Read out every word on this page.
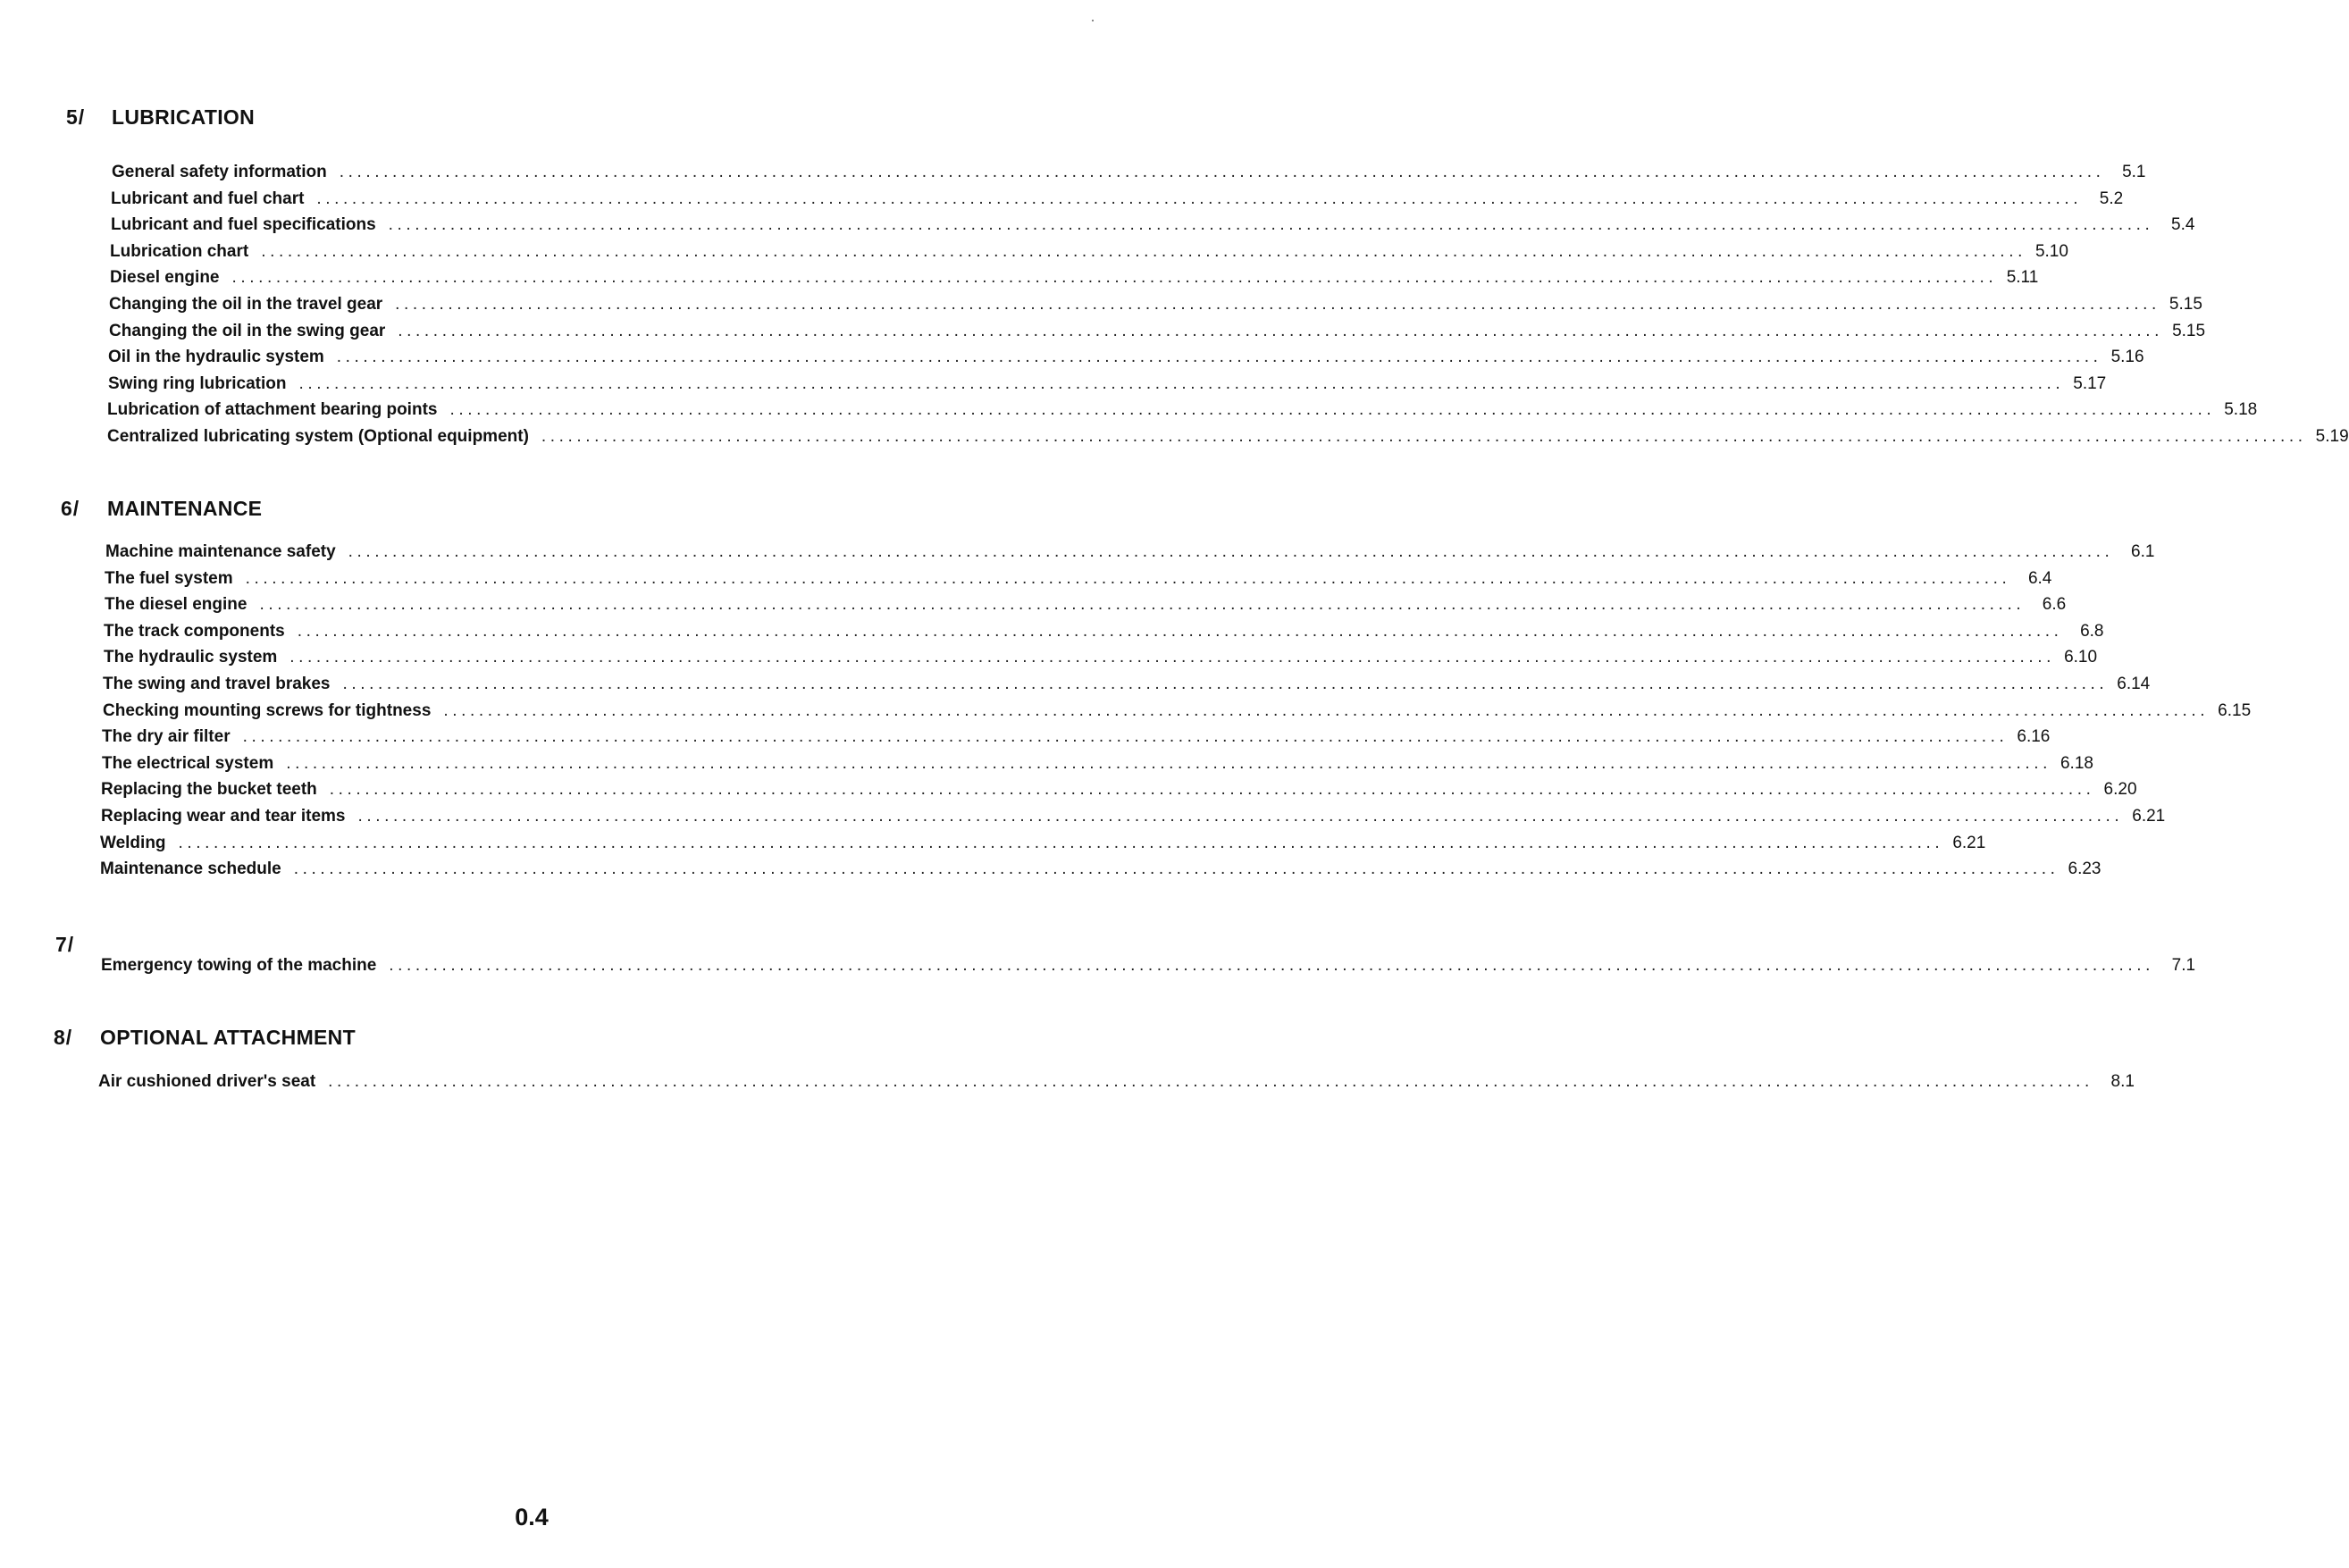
5/ LUBRICATION
General safety information ........................................................................................................................................................................................................	5.1
Lubricant and fuel chart ........................................................................................................................................................................................................	5.2
Lubricant and fuel specifications ........................................................................................................................................................................................................	5.4
Lubrication chart ........................................................................................................................................................................................................ 5.10
Diesel engine ........................................................................................................................................................................................................ 5.11
Changing the oil in the travel gear ........................................................................................................................................................................................................ 5.15
Changing the oil in the swing gear ........................................................................................................................................................................................................ 5.15
Oil in the hydraulic system ........................................................................................................................................................................................................ 5.16
Swing ring lubrication ........................................................................................................................................................................................................ 5.17
Lubrication of attachment bearing points ........................................................................................................................................................................................................ 5.18
Centralized lubricating system (Optional equipment) ........................................................................................................................................................................................................ 5.19
6/ MAINTENANCE
Machine maintenance safety ........................................................................................................................................................................................................	6.1
The fuel system ........................................................................................................................................................................................................	6.4
The diesel engine ........................................................................................................................................................................................................	6.6
The track components ........................................................................................................................................................................................................	6.8
The hydraulic system ........................................................................................................................................................................................................ 6.10
The swing and travel brakes ........................................................................................................................................................................................................ 6.14
Checking mounting screws for tightness ........................................................................................................................................................................................................ 6.15
The dry air filter ........................................................................................................................................................................................................ 6.16
The electrical system ........................................................................................................................................................................................................ 6.18
Replacing the bucket teeth ........................................................................................................................................................................................................ 6.20
Replacing wear and tear items ........................................................................................................................................................................................................ 6.21
Welding ........................................................................................................................................................................................................ 6.21
Maintenance schedule ........................................................................................................................................................................................................ 6.23
7/
Emergency towing of the machine ........................................................................................................................................................................................................	7.1
8/ OPTIONAL ATTACHMENT
Air cushioned driver's seat ........................................................................................................................................................................................................	8.1
0.4
